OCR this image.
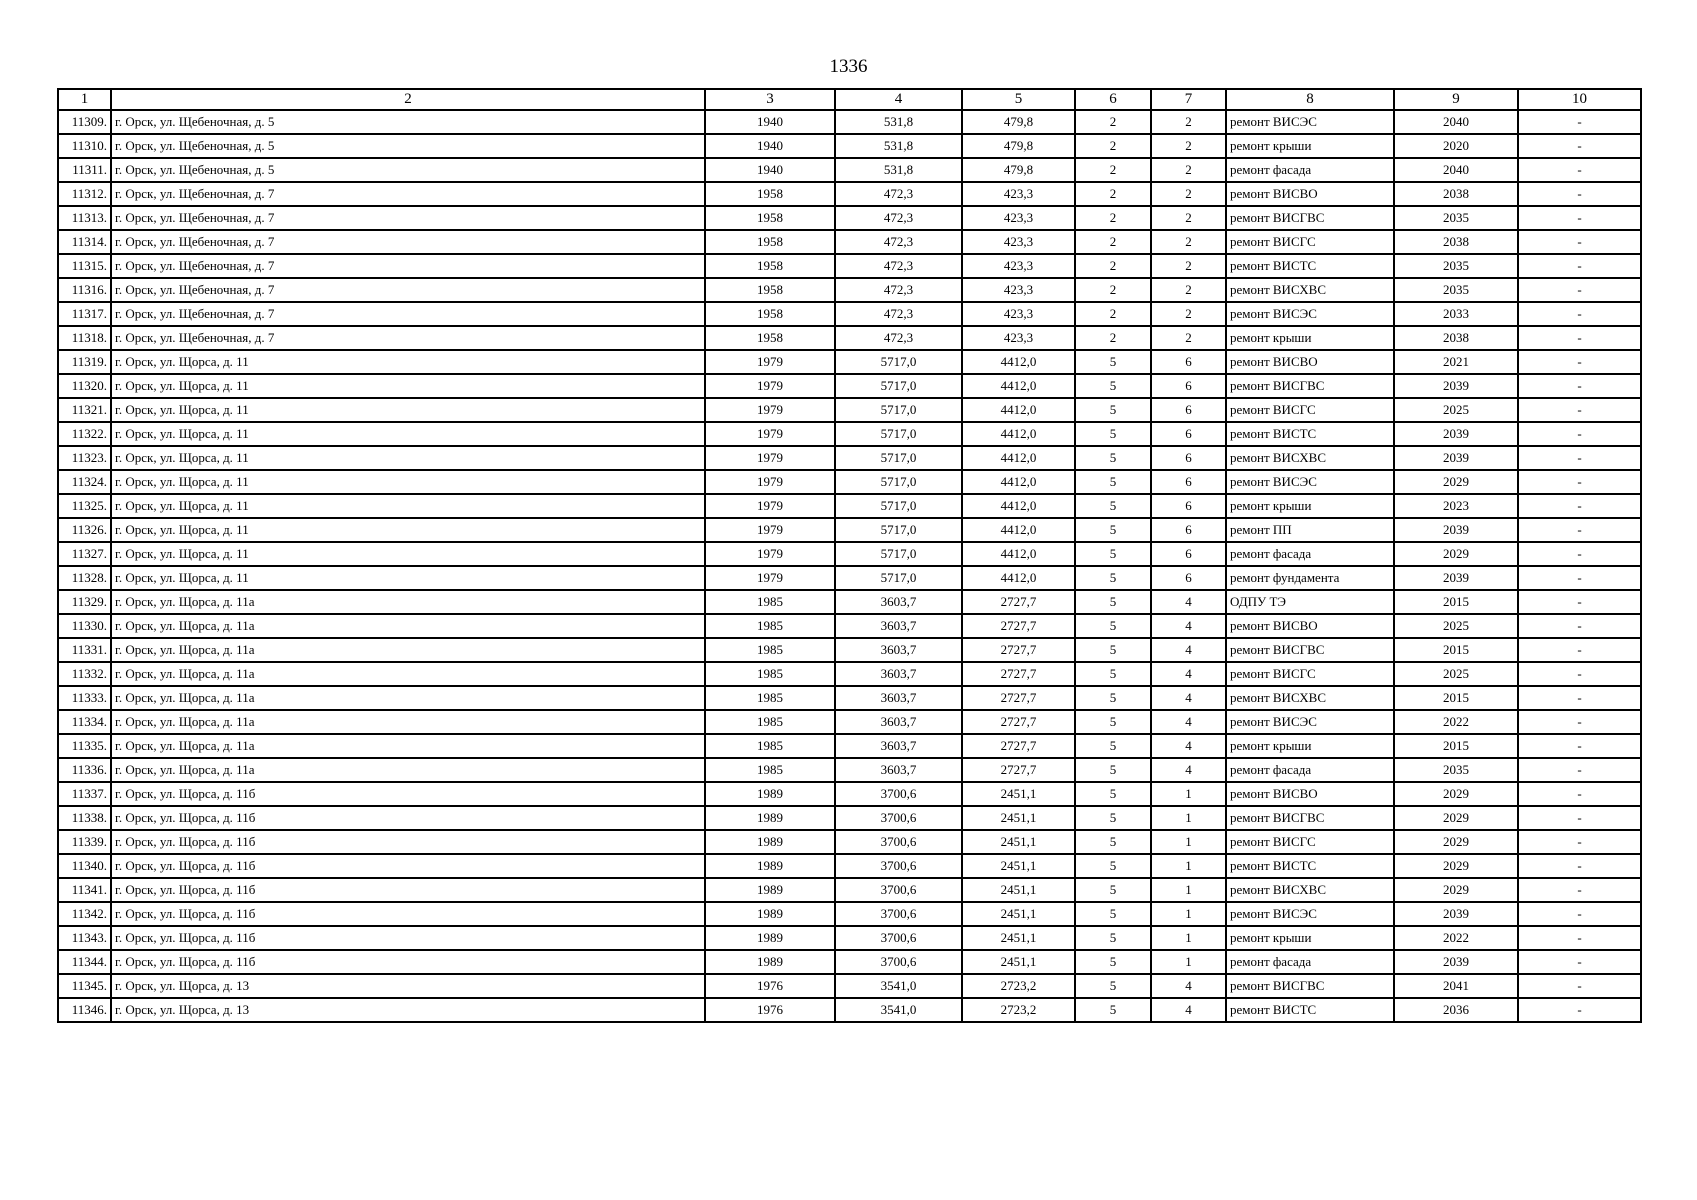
1336
1	2	3	4	5	6	7	8	9	10
11309.	г. Орск, ул. Щебеночная, д. 5	1940	531,8	479,8	2	2	ремонт ВИСЭС	2040	-
11310.	г. Орск, ул. Щебеночная, д. 5	1940	531,8	479,8	2	2	ремонт крыши	2020	-
11311.	г. Орск, ул. Щебеночная, д. 5	1940	531,8	479,8	2	2	ремонт фасада	2040	-
11312.	г. Орск, ул. Щебеночная, д. 7	1958	472,3	423,3	2	2	ремонт ВИСВО	2038	-
11313.	г. Орск, ул. Щебеночная, д. 7	1958	472,3	423,3	2	2	ремонт ВИСГВС	2035	-
11314.	г. Орск, ул. Щебеночная, д. 7	1958	472,3	423,3	2	2	ремонт ВИСГС	2038	-
11315.	г. Орск, ул. Щебеночная, д. 7	1958	472,3	423,3	2	2	ремонт ВИСТС	2035	-
11316.	г. Орск, ул. Щебеночная, д. 7	1958	472,3	423,3	2	2	ремонт ВИСХВС	2035	-
11317.	г. Орск, ул. Щебеночная, д. 7	1958	472,3	423,3	2	2	ремонт ВИСЭС	2033	-
11318.	г. Орск, ул. Щебеночная, д. 7	1958	472,3	423,3	2	2	ремонт крыши	2038	-
11319.	г. Орск, ул. Щорса, д. 11	1979	5717,0	4412,0	5	6	ремонт ВИСВО	2021	-
11320.	г. Орск, ул. Щорса, д. 11	1979	5717,0	4412,0	5	6	ремонт ВИСГВС	2039	-
11321.	г. Орск, ул. Щорса, д. 11	1979	5717,0	4412,0	5	6	ремонт ВИСГС	2025	-
11322.	г. Орск, ул. Щорса, д. 11	1979	5717,0	4412,0	5	6	ремонт ВИСТС	2039	-
11323.	г. Орск, ул. Щорса, д. 11	1979	5717,0	4412,0	5	6	ремонт ВИСХВС	2039	-
11324.	г. Орск, ул. Щорса, д. 11	1979	5717,0	4412,0	5	6	ремонт ВИСЭС	2029	-
11325.	г. Орск, ул. Щорса, д. 11	1979	5717,0	4412,0	5	6	ремонт крыши	2023	-
11326.	г. Орск, ул. Щорса, д. 11	1979	5717,0	4412,0	5	6	ремонт ПП	2039	-
11327.	г. Орск, ул. Щорса, д. 11	1979	5717,0	4412,0	5	6	ремонт фасада	2029	-
11328.	г. Орск, ул. Щорса, д. 11	1979	5717,0	4412,0	5	6	ремонт фундамента	2039	-
11329.	г. Орск, ул. Щорса, д. 11а	1985	3603,7	2727,7	5	4	ОДПУ ТЭ	2015	-
11330.	г. Орск, ул. Щорса, д. 11а	1985	3603,7	2727,7	5	4	ремонт ВИСВО	2025	-
11331.	г. Орск, ул. Щорса, д. 11а	1985	3603,7	2727,7	5	4	ремонт ВИСГВС	2015	-
11332.	г. Орск, ул. Щорса, д. 11а	1985	3603,7	2727,7	5	4	ремонт ВИСГС	2025	-
11333.	г. Орск, ул. Щорса, д. 11а	1985	3603,7	2727,7	5	4	ремонт ВИСХВС	2015	-
11334.	г. Орск, ул. Щорса, д. 11а	1985	3603,7	2727,7	5	4	ремонт ВИСЭС	2022	-
11335.	г. Орск, ул. Щорса, д. 11а	1985	3603,7	2727,7	5	4	ремонт крыши	2015	-
11336.	г. Орск, ул. Щорса, д. 11а	1985	3603,7	2727,7	5	4	ремонт фасада	2035	-
11337.	г. Орск, ул. Щорса, д. 11б	1989	3700,6	2451,1	5	1	ремонт ВИСВО	2029	-
11338.	г. Орск, ул. Щорса, д. 11б	1989	3700,6	2451,1	5	1	ремонт ВИСГВС	2029	-
11339.	г. Орск, ул. Щорса, д. 11б	1989	3700,6	2451,1	5	1	ремонт ВИСГС	2029	-
11340.	г. Орск, ул. Щорса, д. 11б	1989	3700,6	2451,1	5	1	ремонт ВИСТС	2029	-
11341.	г. Орск, ул. Щорса, д. 11б	1989	3700,6	2451,1	5	1	ремонт ВИСХВС	2029	-
11342.	г. Орск, ул. Щорса, д. 11б	1989	3700,6	2451,1	5	1	ремонт ВИСЭС	2039	-
11343.	г. Орск, ул. Щорса, д. 11б	1989	3700,6	2451,1	5	1	ремонт крыши	2022	-
11344.	г. Орск, ул. Щорса, д. 11б	1989	3700,6	2451,1	5	1	ремонт фасада	2039	-
11345.	г. Орск, ул. Щорса, д. 13	1976	3541,0	2723,2	5	4	ремонт ВИСГВС	2041	-
11346.	г. Орск, ул. Щорса, д. 13	1976	3541,0	2723,2	5	4	ремонт ВИСТС	2036	-
